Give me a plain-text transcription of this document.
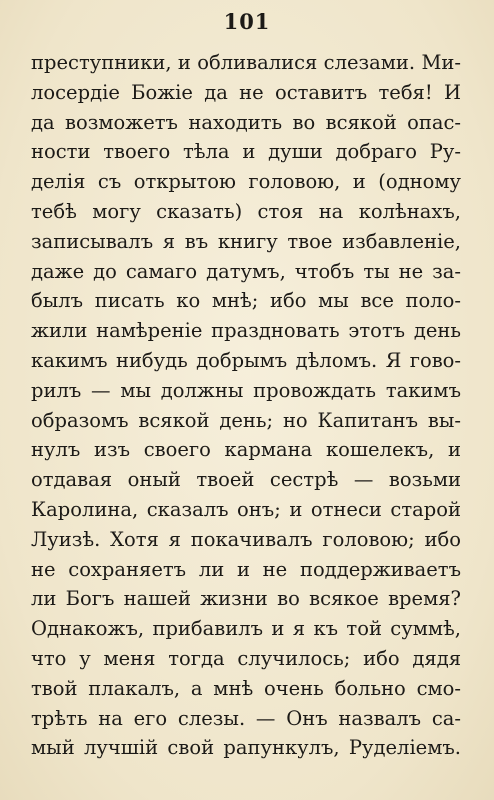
101
преступники, и обливалися слезами. Ми-
лосердіе Божіе да не оставитъ тебя! И
да возможетъ находить во всякой опас-
ности твоего тѣла и души добраго Ру-
делія съ открытою головою, и (одному
тебѣ могу сказать) стоя на колѣнахъ,
записывалъ я въ книгу твое избавленіе,
даже до самаго датумъ, чтобъ ты не за-
былъ писать ко мнѣ; ибо мы все поло-
жили намѣреніе праздновать этотъ день
какимъ нибудь добрымъ дѣломъ. Я гово-
рилъ — мы должны провождать такимъ
образомъ всякой день; но Капитанъ вы-
нулъ изъ своего кармана кошелекъ, и
отдавая оный твоей сестрѣ — возьми
Каролина, сказалъ онъ; и отнеси старой
Луизѣ. Хотя я покачивалъ головою; ибо
не сохраняетъ ли и не поддерживаетъ
ли Богъ нашей жизни во всякое время?
Однакожъ, прибавилъ и я къ той суммѣ,
что у меня тогда случилось; ибо дядя
твой плакалъ, а мнѣ очень больно смо-
трѣть на его слезы. — Онъ назвалъ са-
мый лучшій свой рапункулъ, Руделіемъ.
